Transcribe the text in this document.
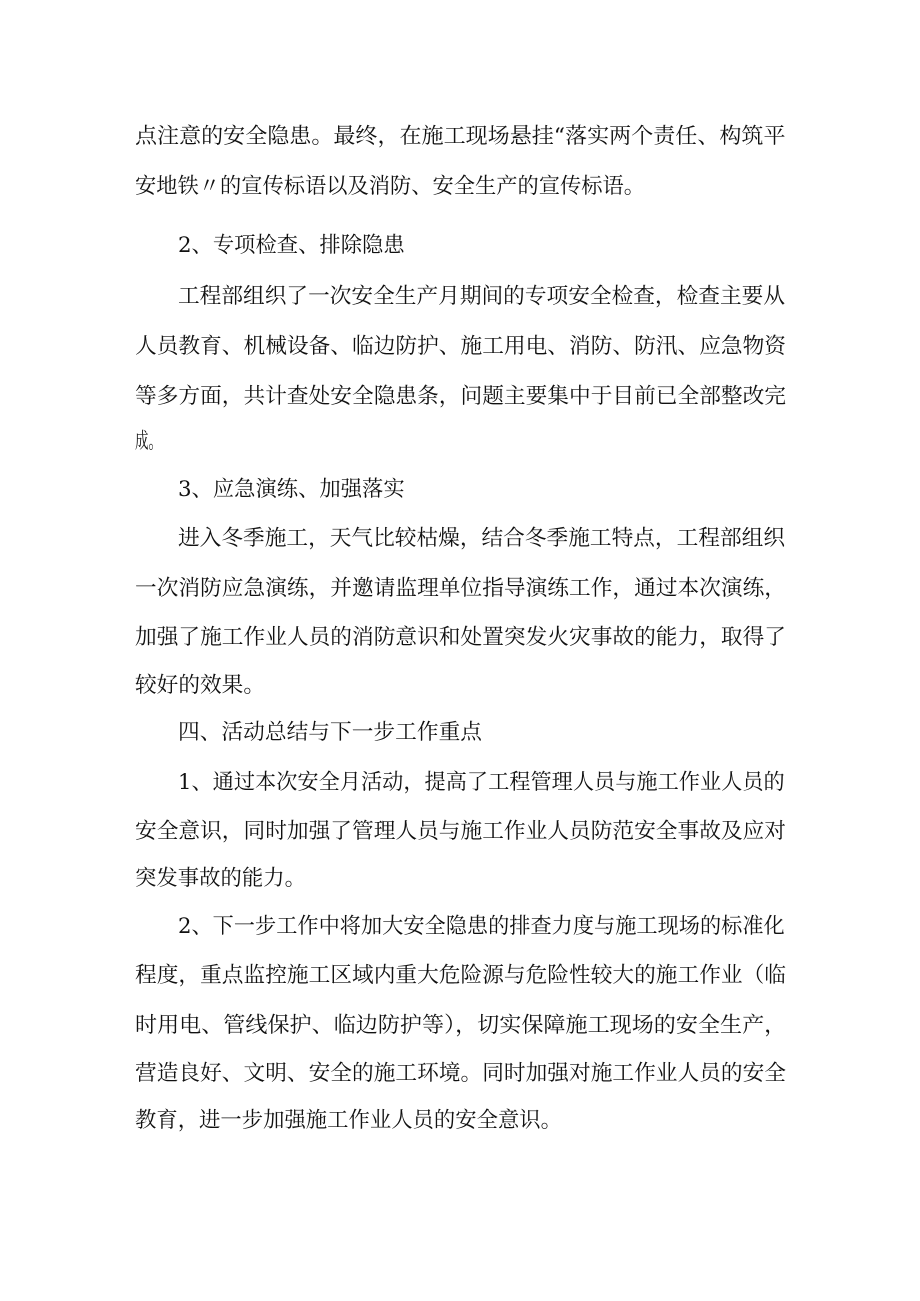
点注意的安全隐患。最终，在施工现场悬挂“落实两个责任、构筑平
安地铁〃的宣传标语以及消防、安全生产的宣传标语。
2、专项检查、排除隐患
工程部组织了一次安全生产月期间的专项安全检查，检查主要从
人员教育、机械设备、临边防护、施工用电、消防、防汛、应急物资
等多方面，共计查处安全隐患条，问题主要集中于目前已全部整改完
成。
3、应急演练、加强落实
进入冬季施工，天气比较枯燥，结合冬季施工特点，工程部组织
一次消防应急演练，并邀请监理单位指导演练工作，通过本次演练，
加强了施工作业人员的消防意识和处置突发火灾事故的能力，取得了
较好的效果。
四、活动总结与下一步工作重点
1、通过本次安全月活动，提高了工程管理人员与施工作业人员的
安全意识，同时加强了管理人员与施工作业人员防范安全事故及应对
突发事故的能力。
2、下一步工作中将加大安全隐患的排查力度与施工现场的标准化
程度，重点监控施工区域内重大危险源与危险性较大的施工作业（临
时用电、管线保护、临边防护等），切实保障施工现场的安全生产，
营造良好、文明、安全的施工环境。同时加强对施工作业人员的安全
教育，进一步加强施工作业人员的安全意识。
